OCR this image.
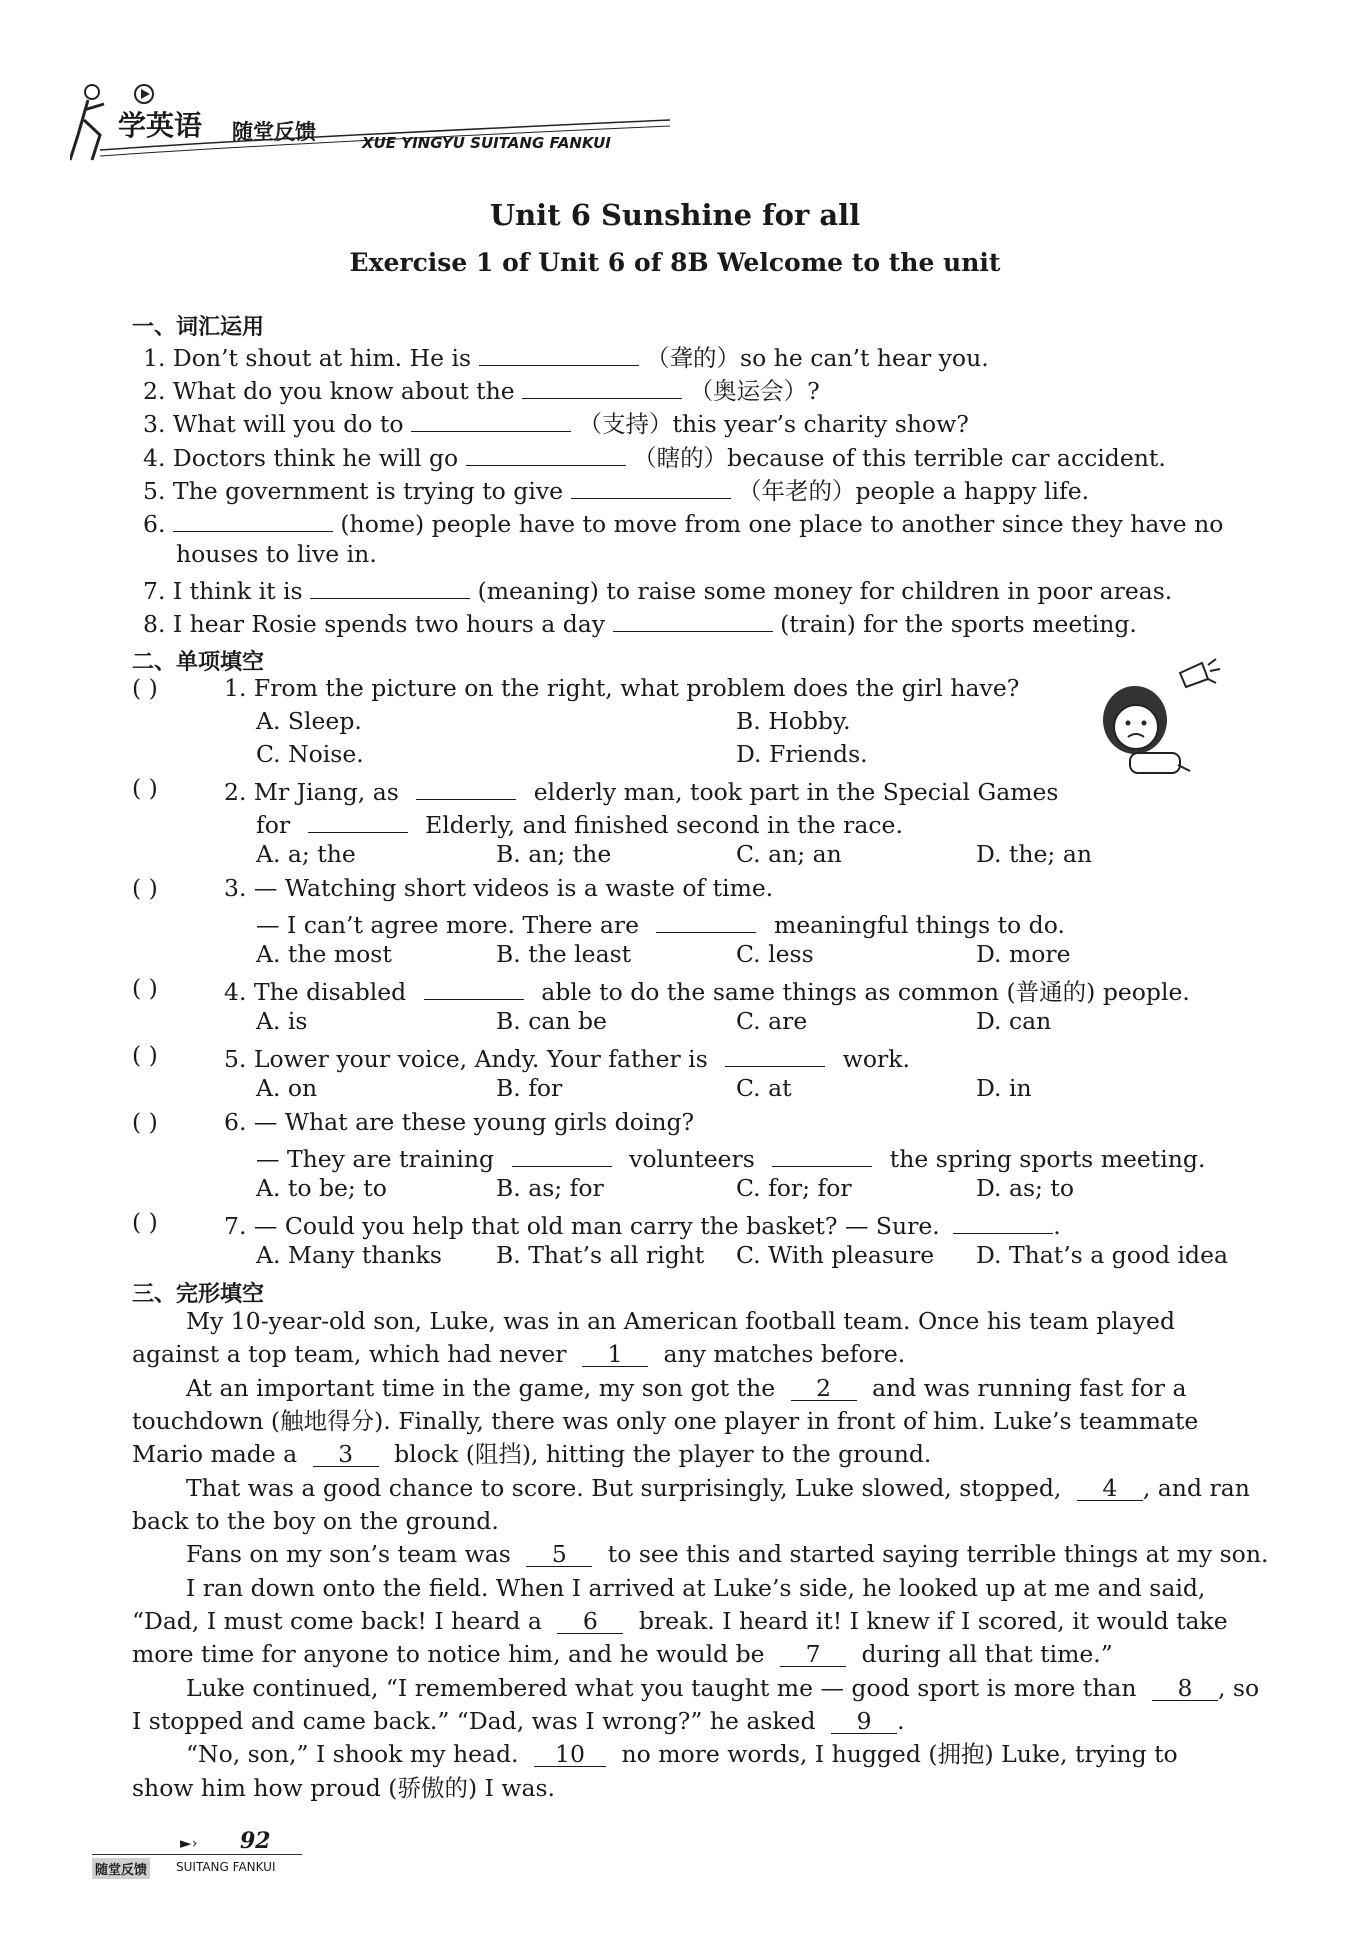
学英语 随堂反馈	XUE YINGYU SUITANG FANKUI
Unit 6 Sunshine for all
Exercise 1 of Unit 6 of 8B Welcome to the unit
一、词汇运用
1. Don’t shout at him. He is	（聋的）so he can’t hear you.
2. What do you know about the	（奥运会）?
3. What will you do to	（支持）this year’s charity show?
4. Doctors think he will go	（瞎的）because of this terrible car accident.
5. The government is trying to give	（年老的）people a happy life.
6.	(home) people have to move from one place to another since they have no
houses to live in.
7. I think it is	(meaning) to raise some money for children in poor areas.
8. I hear Rosie spends two hours a day	(train) for the sports meeting.
二、单项填空
( )	1. From the picture on the right, what problem does the girl have?
A. Sleep.	B. Hobby.
C. Noise.	D. Friends.
( )	2. Mr Jiang, as	elderly man, took part in the Special Games
for	Elderly, and finished second in the race.
A. a; the	B. an; the	C. an; an	D. the; an
( )	3. — Watching short videos is a waste of time.
— I can’t agree more. There are	meaningful things to do.
A. the most	B. the least	C. less	D. more
( )	4. The disabled	able to do the same things as common (普通的) people.
A. is	B. can be	C. are	D. can
( )	5. Lower your voice, Andy. Your father is	work.
A. on	B. for	C. at	D. in
( )	6. — What are these young girls doing?
— They are training	volunteers	the spring sports meeting.
A. to be; to	B. as; for	C. for; for	D. as; to
( )	7. — Could you help that old man carry the basket? — Sure.	.
A. Many thanks B. That’s all right C. With pleasure D. That’s a good idea
三、完形填空
My 10-year-old son, Luke, was in an American football team. Once his team played
against a top team, which had never 1 any matches before.
At an important time in the game, my son got the 2 and was running fast for a
touchdown (触地得分). Finally, there was only one player in front of him. Luke’s teammate
Mario made a 3 block (阻挡), hitting the player to the ground.
That was a good chance to score. But surprisingly, Luke slowed, stopped, 4 , and ran
back to the boy on the ground.
Fans on my son’s team was 5 to see this and started saying terrible things at my son.
I ran down onto the field. When I arrived at Luke’s side, he looked up at me and said,
“Dad, I must come back! I heard a 6 break. I heard it! I knew if I scored, it would take
more time for anyone to notice him, and he would be 7 during all that time.”
Luke continued, “I remembered what you taught me — good sport is more than 8 , so
I stopped and came back.” “Dad, was I wrong?” he asked 9 .
“No, son,” I shook my head. 10 no more words, I hugged (拥抱) Luke, trying to
show him how proud (骄傲的) I was.
►› 92
随堂反馈 SUITANG FANKUI
